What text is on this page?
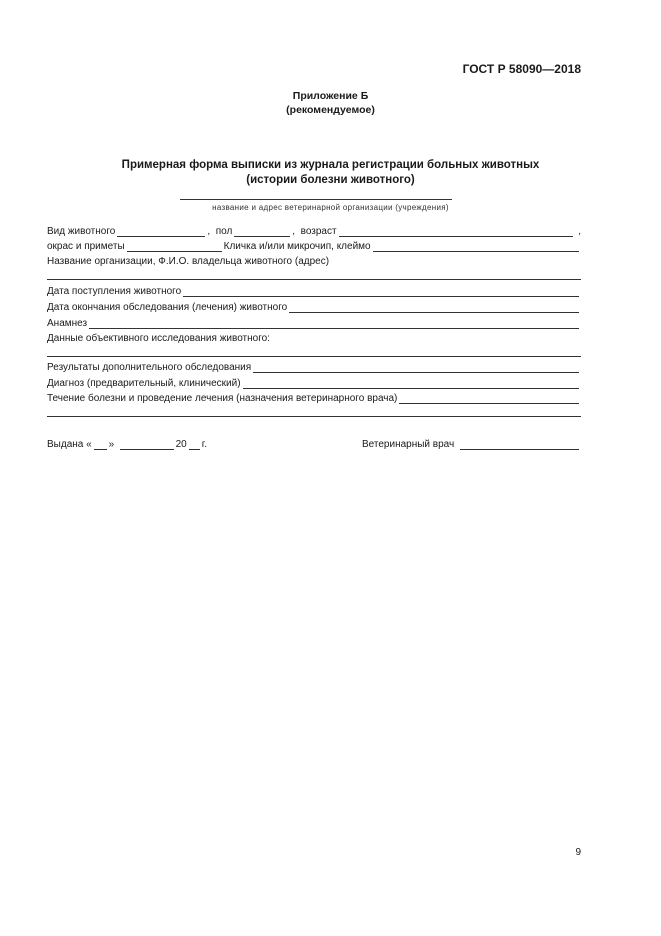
ГОСТ Р 58090—2018
Приложение Б
(рекомендуемое)
Примерная форма выписки из журнала регистрации больных животных
(истории болезни животного)
название и адрес ветеринарной организации (учреждения)
Вид животного	, пол	, возраст	,
окрас и приметы	Кличка и/или микрочип, клеймо
Название организации, Ф.И.О. владельца животного (адрес)
Дата поступления животного
Дата окончания обследования (лечения) животного
Анамнез
Данные объективного исследования животного:
Результаты дополнительного обследования
Диагноз (предварительный, клинический)
Течение болезни и проведение лечения (назначения ветеринарного врача)
Выдана « »	20 г.	Ветеринарный врач
9
